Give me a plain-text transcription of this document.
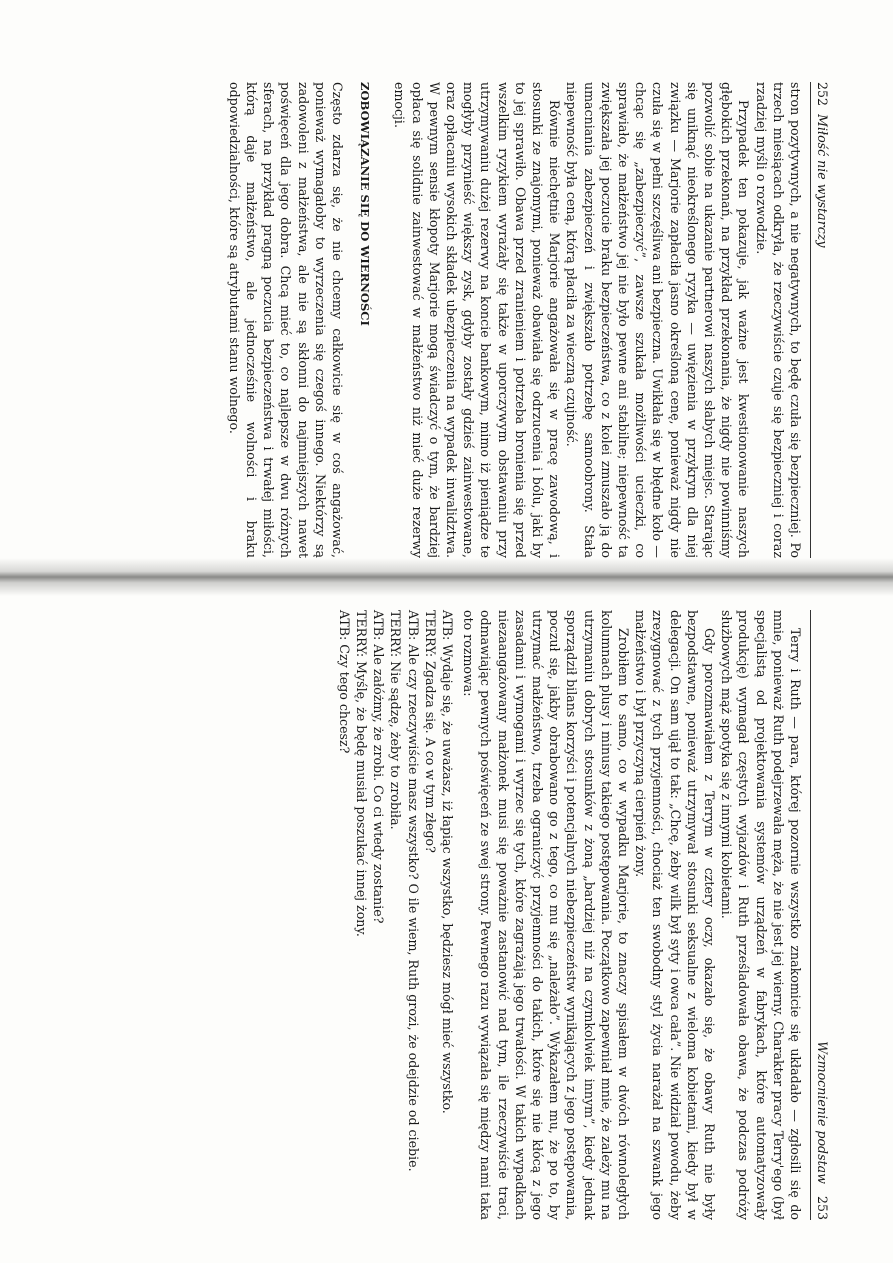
252  Miłość nie wystarczy

stron pozytywnych, a nie negatywnych, to będę czuła się bezpieczniej. Po trzech miesiącach odkryła, że rzeczywiście czuje się bezpieczniej i coraz rzadziej myśli o rozwodzie.

Przypadek ten pokazuje, jak ważne jest kwestionowanie naszych głębokich przekonań, na przykład przekonania, że nigdy nie powinniśmy pozwolić sobie na ukazanie partnerowi naszych słabych miejsc. Starając się uniknąć nieokreślonego ryzyka — uwięzienia w przykrym dla niej związku — Marjorie zapłaciła jasno określoną cenę, ponieważ nigdy nie czuła się w pełni szczęśliwa ani bezpieczna. Uwikłała się w błędne koło — chcąc się „zabezpieczyć”, zawsze szukała możliwości ucieczki, co sprawiało, że małżeństwo jej nie było pewne ani stabilne; niepewność ta zwiększała jej poczucie braku bezpieczeństwa, co z kolei zmuszało ją do umacniania zabezpieczeń i zwiększało potrzebę samoobrony. Stała niepewność była ceną, którą płaciła za wieczną czujność.

Równie niechętnie Marjorie angażowała się w pracę zawodową, i stosunki ze znajomymi, ponieważ obawiała się odrzucenia i bólu, jaki by to jej sprawiło. Obawa przed zranieniem i potrzeba bronienia się przed wszelkim ryzykiem wyrażały się także w uporczywym obstawaniu przy utrzymywaniu dużej rezerwy na koncie bankowym, mimo iż pieniądze te mogłyby przynieść większy zysk, gdyby zostały gdzieś zainwestowane, oraz opłacaniu wysokich składek ubezpieczenia na wypadek inwalidztwa. W pewnym sensie kłopoty Marjorie mogą świadczyć o tym, że bardziej opłaca się solidnie zainwestować w małżeństwo niż mieć duże rezerwy emocji.

ZOBOWIĄZANIE SIĘ DO WIERNOŚCI

Często zdarza się, że nie chcemy całkowicie się w coś angażować, ponieważ wymagałoby to wyrzeczenia się czegoś innego. Niektórzy są zadowoleni z małżeństwa, ale nie są skłonni do najmniejszych nawet poświęceń dla jego dobra. Chcą mieć to, co najlepsze w dwu różnych sferach, na przykład pragną poczucia bezpieczeństwa i trwałej miłości, którą daje małżeństwo, ale jednocześnie wolności i braku odpowiedzialności, które są atrybutami stanu wolnego.

Wzmocnienie podstaw   253

Terry i Ruth — para, której pozornie wszystko znakomicie się układało — zgłosili się do mnie, ponieważ Ruth podejrzewała męża, że nie jest jej wierny. Charakter pracy Terry'ego (był specjalistą od projektowania systemów urządzeń w fabrykach, które automatyzowały produkcję) wymagał częstych wyjazdów i Ruth prześladowała obawa, że podczas podróży służbowych mąż spotyka się z innymi kobietami.

Gdy porozmawiałem z Terrym w cztery oczy, okazało się, że obawy Ruth nie były bezpodstawne, ponieważ utrzymywał stosunki seksualne z wieloma kobietami, kiedy był w delegacji. On sam ujął to tak: „Chcę, żeby wilk był syty i owca cała”. Nie widział powodu, żeby zrezygnować z tych przyjemności, chociaż ten swobodny styl życia narażał na szwank jego małżeństwo i był przyczyną cierpień żony.

Zrobiłem to samo, co w wypadku Marjorie, to znaczy spisałem w dwóch równoległych kolumnach plusy i minusy takiego postępowania. Początkowo zapewniał mnie, że zależy mu na utrzymaniu dobrych stosunków z żoną „bardziej niż na czymkolwiek innym”, kiedy jednak sporządził bilans korzyści i potencjalnych niebezpieczeństw wynikających z jego postępowania, poczuł się, jakby obrabowano go z tego, co mu się „należało”. Wykazałem mu, że po to, by utrzymać małżeństwo, trzeba ograniczyć przyjemności do takich, które się nie kłócą z jego zasadami i wymogami i wyrzec się tych, które zagrażają jego trwałości. W takich wypadkach niezaangażowany małżonek musi się poważnie zastanowić nad tym, ile rzeczywiście traci, odmawiając pewnych poświęceń ze swej strony. Pewnego razu wywiązała się między nami taka oto rozmowa:

ATB: Wydaje się, że uważasz, iż łapiąc wszystko, będziesz mógł mieć wszystko.

TERRY: Zgadza się. A co w tym złego?

ATB: Ale czy rzeczywiście masz wszystko? O ile wiem, Ruth grozi, że odejdzie od ciebie.

TERRY: Nie sądzę, żeby to zrobiła.

ATB: Ale załóżmy, że zrobi. Co ci wtedy zostanie?

TERRY: Myślę, że będę musiał poszukać innej żony.

ATB: Czy tego chcesz?
